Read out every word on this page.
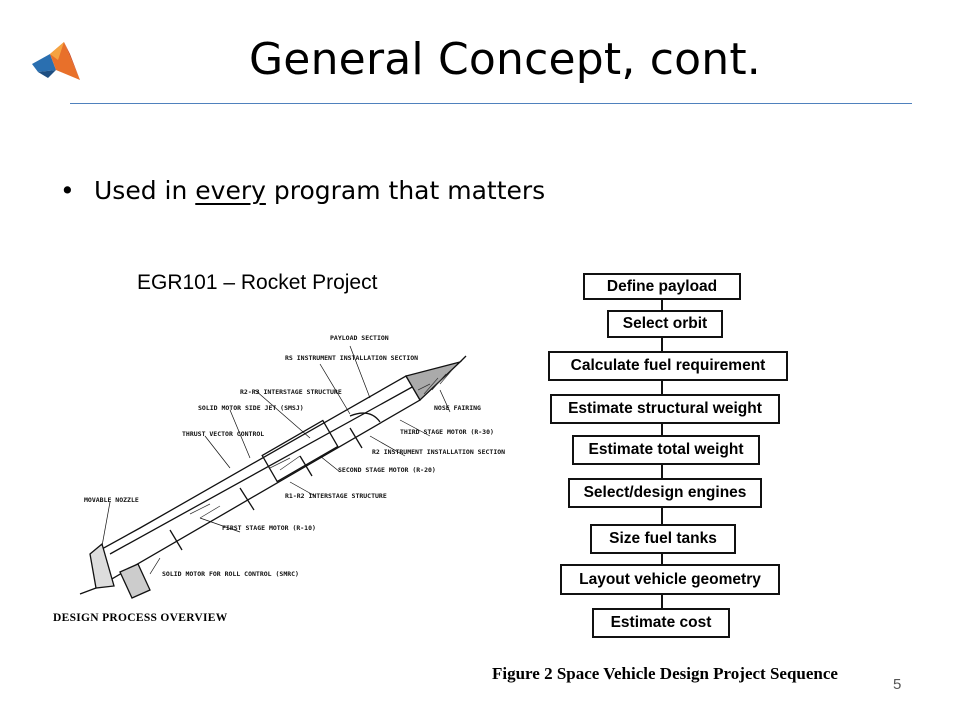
General Concept, cont.
• Used in every program that matters
EGR101 – Rocket Project
PAYLOAD SECTION
RS INSTRUMENT INSTALLATION SECTION
R2-R3 INTERSTAGE STRUCTURE
SOLID MOTOR SIDE JET (SMSJ)
THRUST VECTOR CONTROL
NOSE FAIRING
THIRD STAGE MOTOR (R-30)
R2 INSTRUMENT INSTALLATION SECTION
SECOND STAGE MOTOR (R-20)
R1-R2 INTERSTAGE STRUCTURE
MOVABLE NOZZLE
FIRST STAGE MOTOR (R-10)
SOLID MOTOR FOR ROLL CONTROL (SMRC)
DESIGN PROCESS OVERVIEW
Define payload
Select orbit
Calculate fuel requirement
Estimate structural weight
Estimate total weight
Select/design engines
Size fuel tanks
Layout vehicle geometry
Estimate cost
Figure 2 Space Vehicle Design Project Sequence
5
